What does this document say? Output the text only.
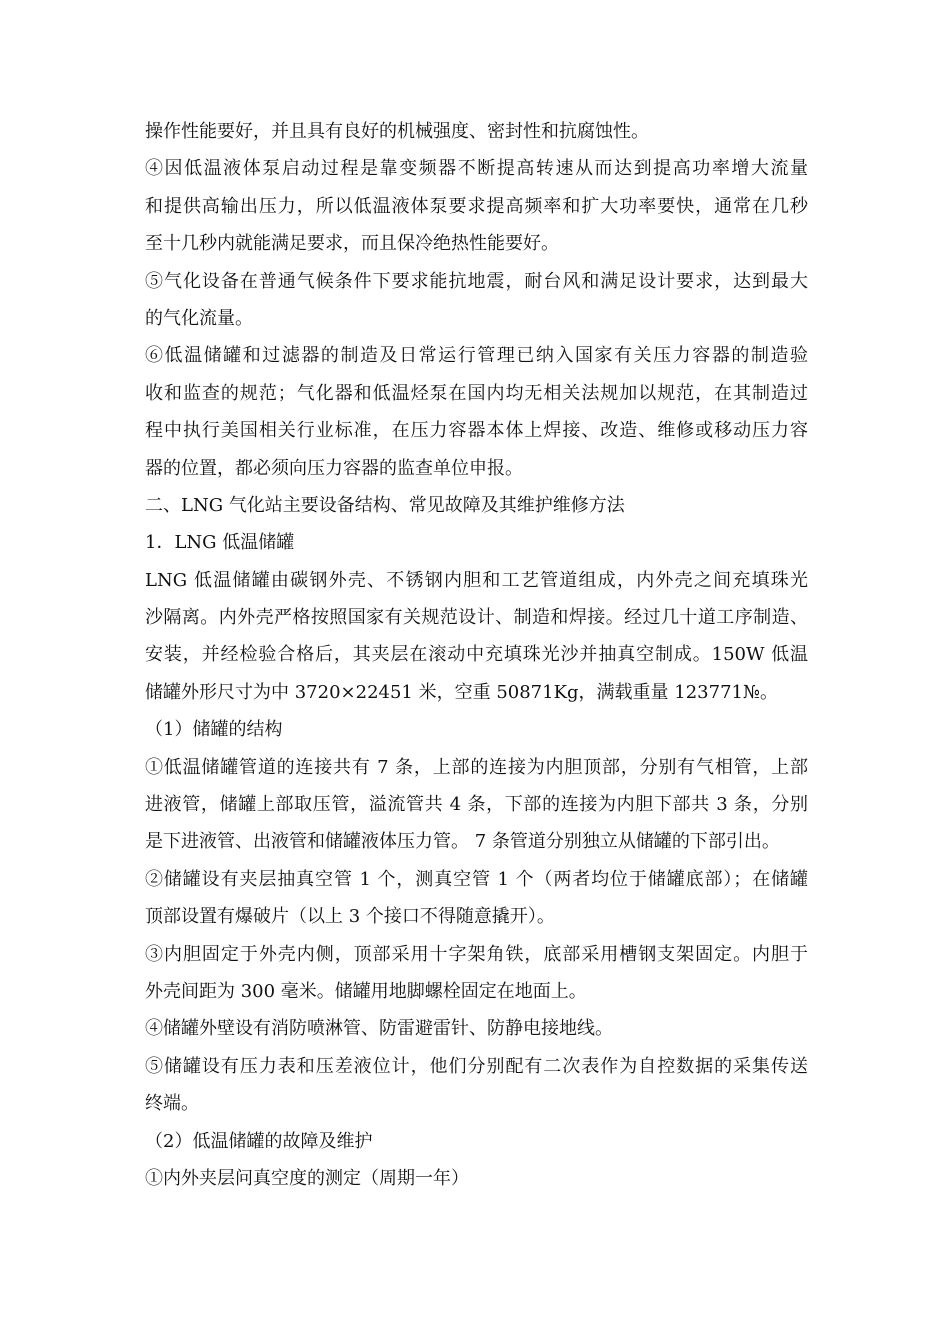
操作性能要好，并且具有良好的机械强度、密封性和抗腐蚀性。
④因低温液体泵启动过程是靠变频器不断提高转速从而达到提高功率增大流量
和提供高输出压力，所以低温液体泵要求提高频率和扩大功率要快，通常在几秒
至十几秒内就能满足要求，而且保冷绝热性能要好。
⑤气化设备在普通气候条件下要求能抗地震，耐台风和满足设计要求，达到最大
的气化流量。
⑥低温储罐和过滤器的制造及日常运行管理已纳入国家有关压力容器的制造验
收和监查的规范；气化器和低温烃泵在国内均无相关法规加以规范，在其制造过
程中执行美国相关行业标准，在压力容器本体上焊接、改造、维修或移动压力容
器的位置，都必须向压力容器的监查单位申报。
二、LNG 气化站主要设备结构、常见故障及其维护维修方法
1．LNG 低温储罐
LNG 低温储罐由碳钢外壳、不锈钢内胆和工艺管道组成，内外壳之间充填珠光
沙隔离。内外壳严格按照国家有关规范设计、制造和焊接。经过几十道工序制造、
安装，并经检验合格后，其夹层在滚动中充填珠光沙并抽真空制成。150W 低温
储罐外形尺寸为中 3720×22451 米，空重 50871Kg，满载重量 123771№。
（1）储罐的结构
①低温储罐管道的连接共有 7 条，上部的连接为内胆顶部，分别有气相管，上部
进液管，储罐上部取压管，溢流管共 4 条，下部的连接为内胆下部共 3 条，分别
是下进液管、出液管和储罐液体压力管。 7 条管道分别独立从储罐的下部引出。
②储罐设有夹层抽真空管 1 个，测真空管 1 个（两者均位于储罐底部）；在储罐
顶部设置有爆破片（以上 3 个接口不得随意撬开）。
③内胆固定于外壳内侧，顶部采用十字架角铁，底部采用槽钢支架固定。内胆于
外壳间距为 300 毫米。储罐用地脚螺栓固定在地面上。
④储罐外壁设有消防喷淋管、防雷避雷针、防静电接地线。
⑤储罐设有压力表和压差液位计，他们分别配有二次表作为自控数据的采集传送
终端。
（2）低温储罐的故障及维护
①内外夹层问真空度的测定（周期一年）
